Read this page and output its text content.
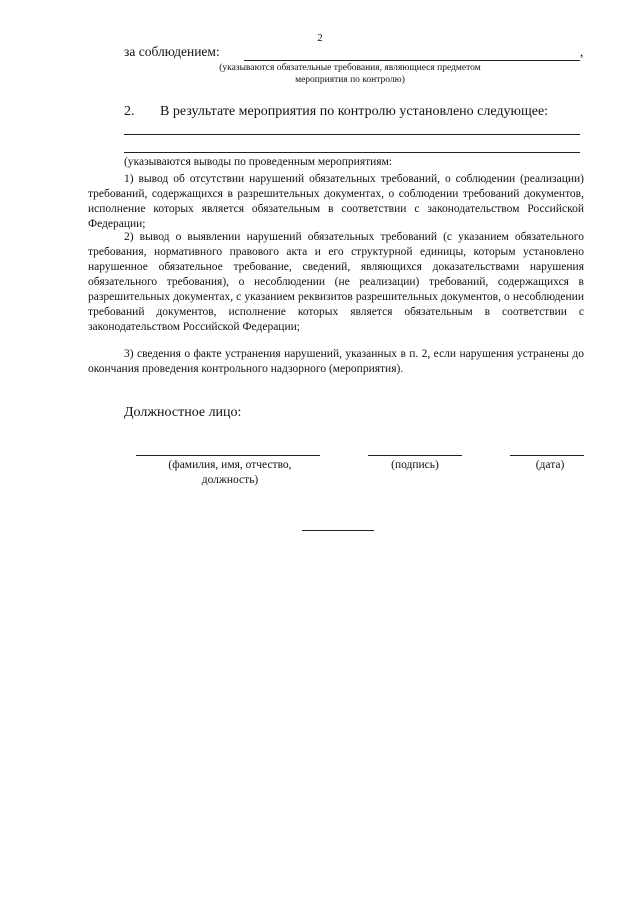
2
за соблюдением:	,
(указываются обязательные требования, являющиеся предметом мероприятия по контролю)
2. В результате мероприятия по контролю установлено следующее:
(указываются выводы по проведенным мероприятиям:
1) вывод об отсутствии нарушений обязательных требований, о соблюдении (реализации) требований, содержащихся в разрешительных документах, о соблюдении требований документов, исполнение которых является обязательным в соответствии с законодательством Российской Федерации;
2) вывод о выявлении нарушений обязательных требований (с указанием обязательного требования, нормативного правового акта и его структурной единицы, которым установлено нарушенное обязательное требование, сведений, являющихся доказательствами нарушения обязательного требования), о несоблюдении (не реализации) требований, содержащихся в разрешительных документах, с указанием реквизитов разрешительных документов, о несоблюдении требований документов, исполнение которых является обязательным в соответствии с законодательством Российской Федерации;
3) сведения о факте устранения нарушений, указанных в п. 2, если нарушения устранены до окончания проведения контрольного надзорного (мероприятия).
Должностное лицо:
(фамилия, имя, отчество, должность)
(подпись)	(дата)
